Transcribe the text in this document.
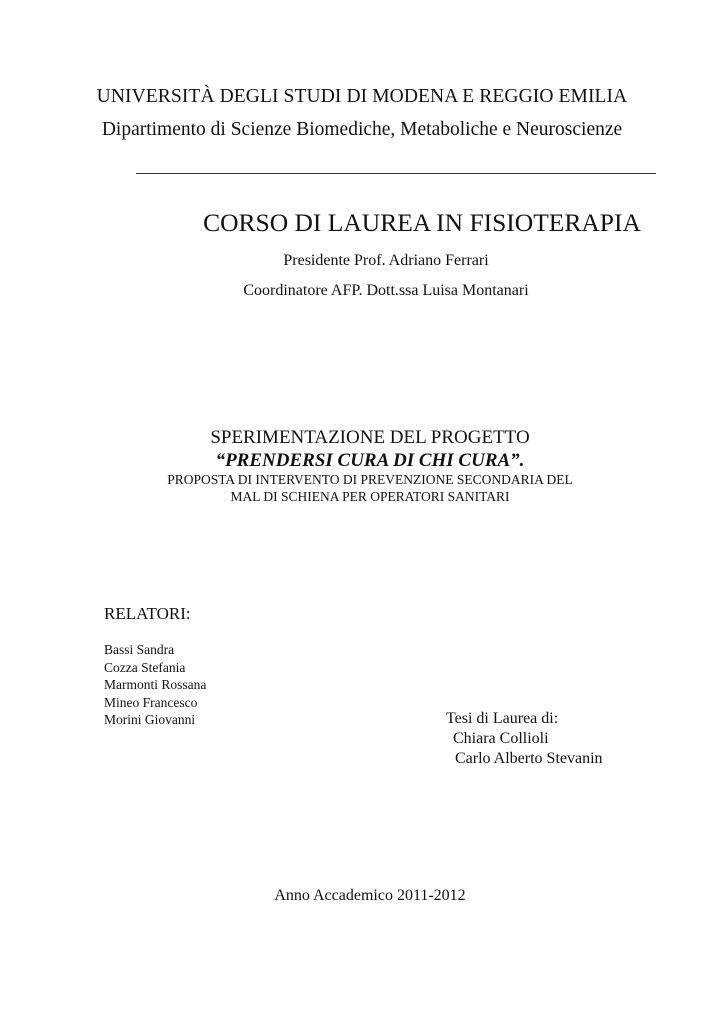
UNIVERSITÀ DEGLI STUDI DI MODENA E REGGIO EMILIA
Dipartimento di Scienze Biomediche, Metaboliche e Neuroscienze
CORSO DI LAUREA IN FISIOTERAPIA
Presidente Prof. Adriano Ferrari
Coordinatore AFP. Dott.ssa Luisa Montanari
SPERIMENTAZIONE DEL PROGETTO
“PRENDERSI CURA DI CHI CURA”.
PROPOSTA DI INTERVENTO DI PREVENZIONE SECONDARIA DEL
MAL DI SCHIENA PER OPERATORI SANITARI
RELATORI:
Bassi Sandra
Cozza Stefania
Marmonti Rossana
Mineo Francesco
Morini Giovanni	Tesi di Laurea di:
Chiara Collioli
Carlo Alberto Stevanin
Anno Accademico 2011-2012
